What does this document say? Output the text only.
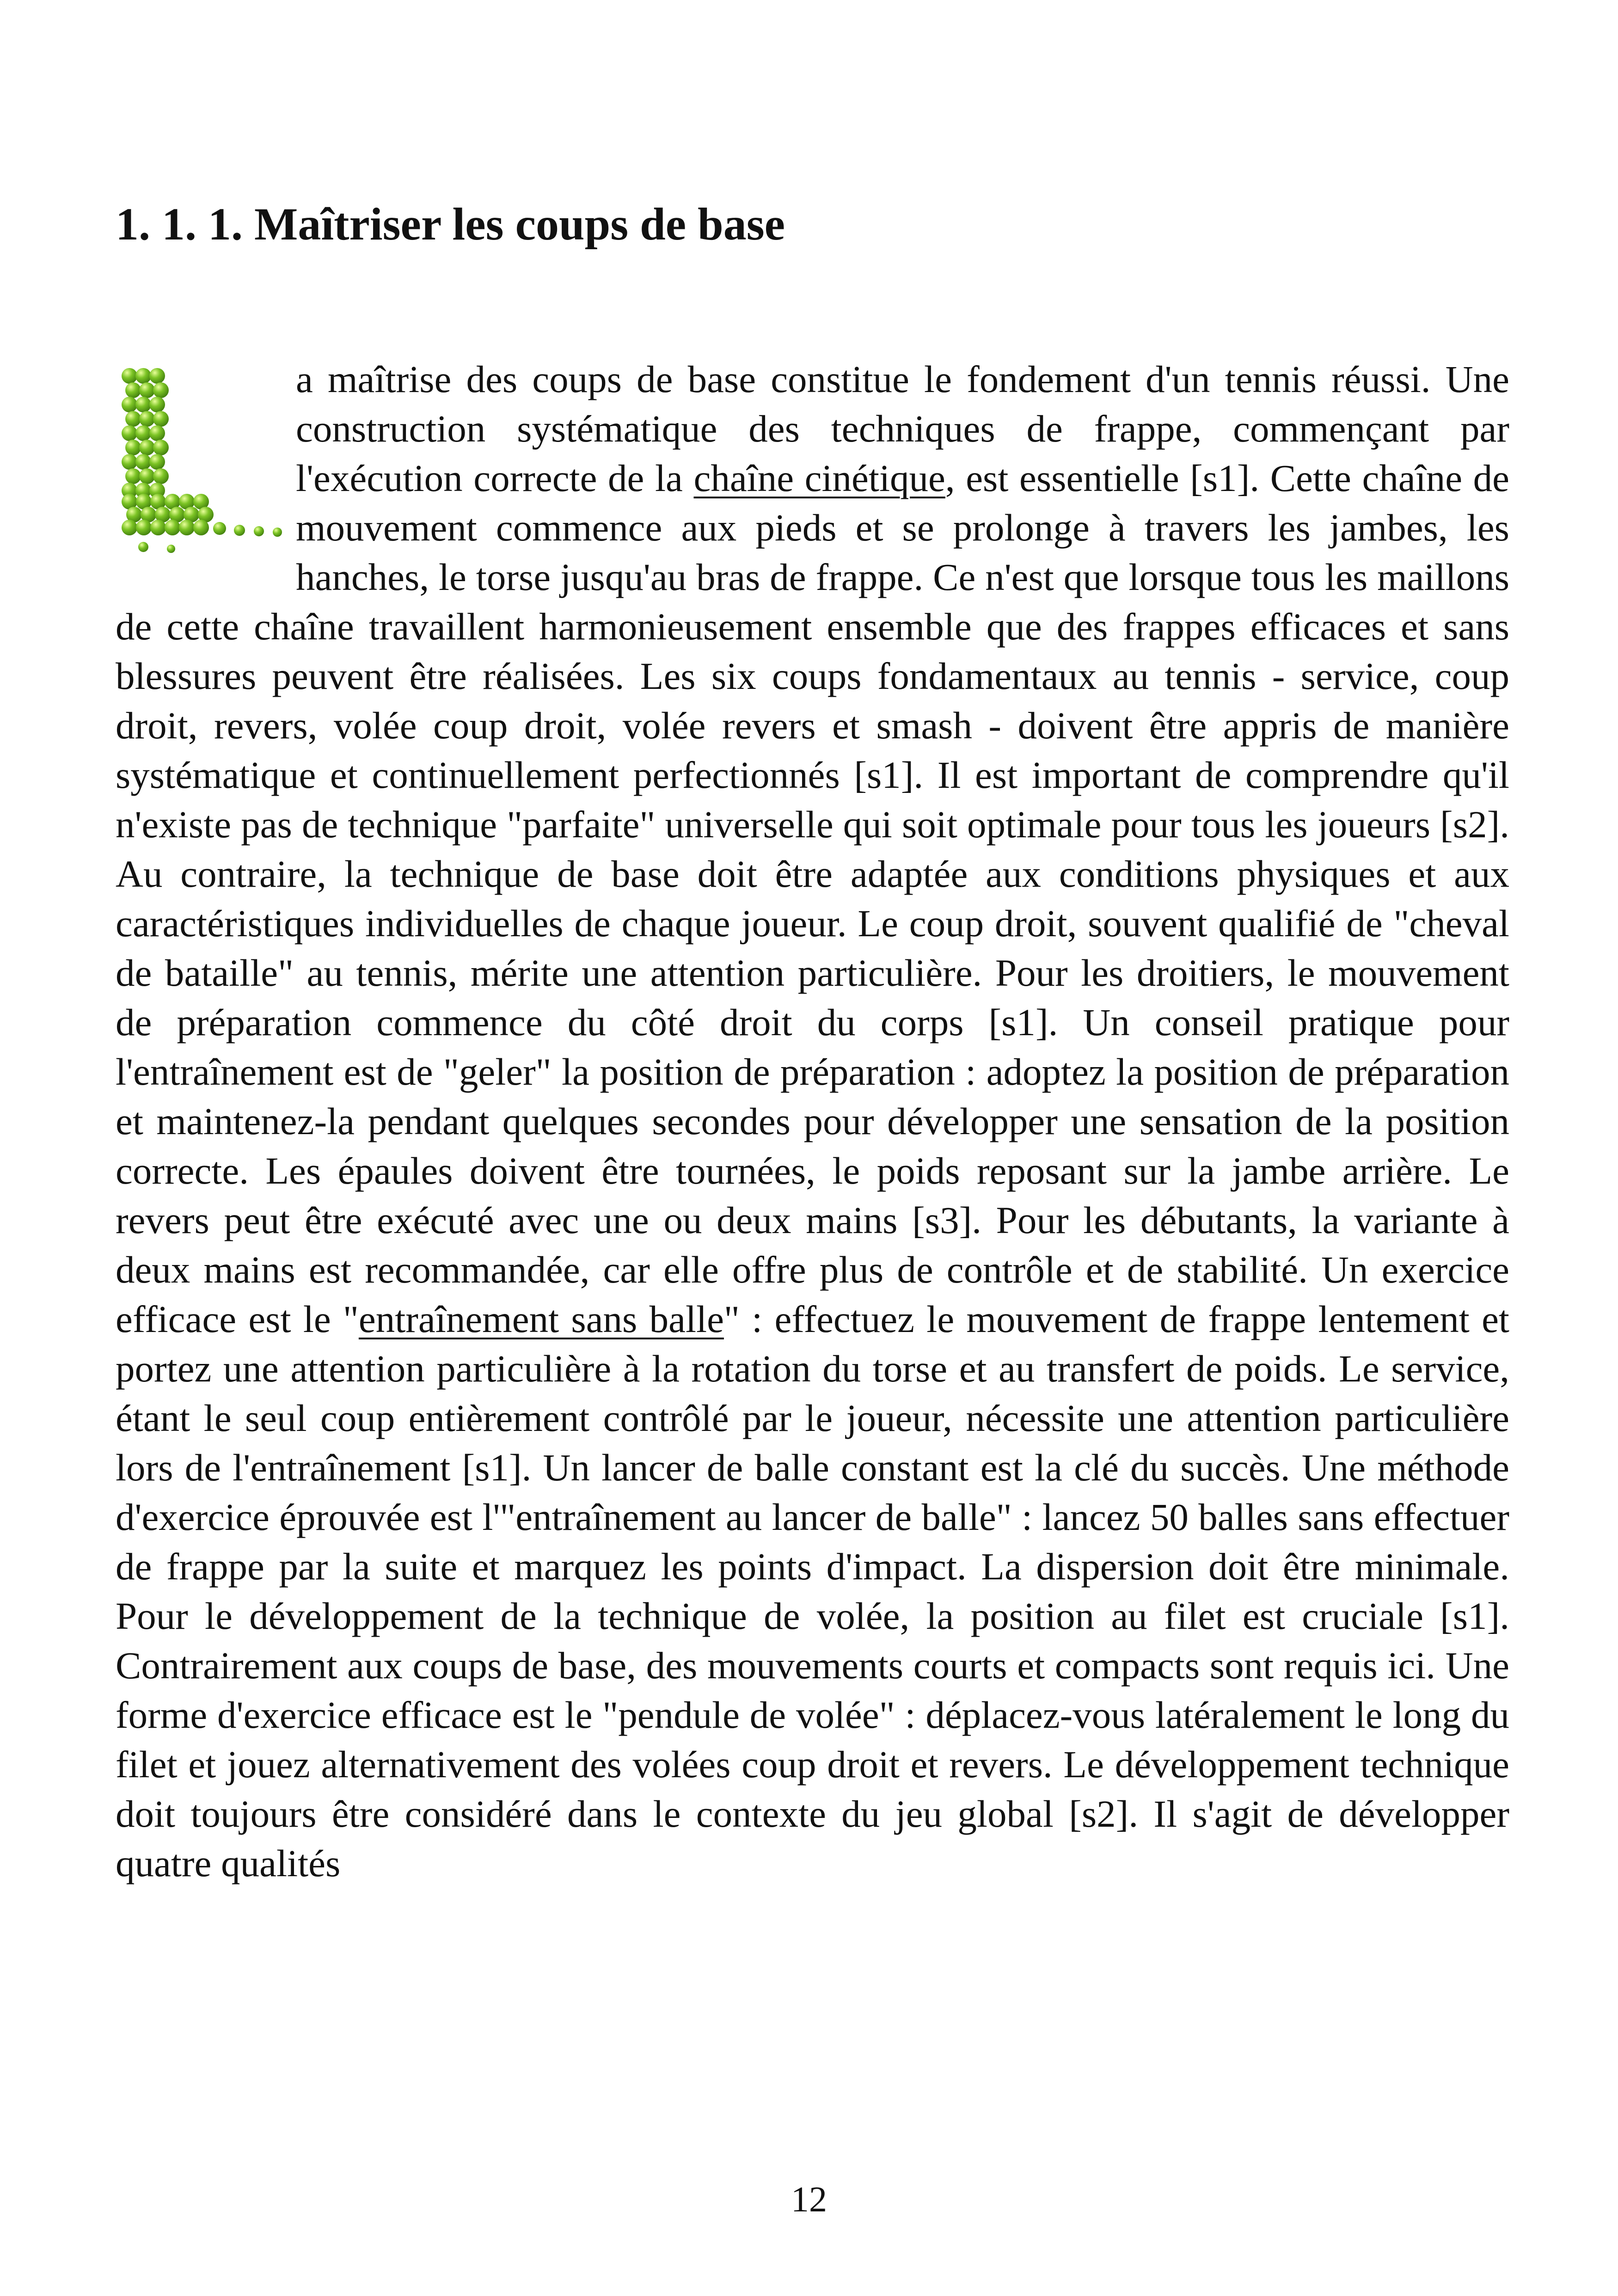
1. 1. 1. Maîtriser les coups de base

a maîtrise des coups de base constitue le fondement d'un tennis réussi. Une construction systématique des techniques de frappe, commençant par l'exécution correcte de la chaîne cinétique, est essentielle [s1]. Cette chaîne de mouvement commence aux pieds et se prolonge à travers les jambes, les hanches, le torse jusqu'au bras de frappe. Ce n'est que lorsque tous les maillons de cette chaîne travaillent harmonieusement ensemble que des frappes efficaces et sans blessures peuvent être réalisées. Les six coups fondamentaux au tennis - service, coup droit, revers, volée coup droit, volée revers et smash - doivent être appris de manière systématique et continuellement perfectionnés [s1]. Il est important de comprendre qu'il n'existe pas de technique "parfaite" universelle qui soit optimale pour tous les joueurs [s2]. Au contraire, la technique de base doit être adaptée aux conditions physiques et aux caractéristiques individuelles de chaque joueur. Le coup droit, souvent qualifié de "cheval de bataille" au tennis, mérite une attention particulière. Pour les droitiers, le mouvement de préparation commence du côté droit du corps [s1]. Un conseil pratique pour l'entraînement est de "geler" la position de préparation : adoptez la position de préparation et maintenez-la pendant quelques secondes pour développer une sensation de la position correcte. Les épaules doivent être tournées, le poids reposant sur la jambe arrière. Le revers peut être exécuté avec une ou deux mains [s3]. Pour les débutants, la variante à deux mains est recommandée, car elle offre plus de contrôle et de stabilité. Un exercice efficace est le "entraînement sans balle" : effectuez le mouvement de frappe lentement et portez une attention particulière à la rotation du torse et au transfert de poids. Le service, étant le seul coup entièrement contrôlé par le joueur, nécessite une attention particulière lors de l'entraînement [s1]. Un lancer de balle constant est la clé du succès. Une méthode d'exercice éprouvée est l'"entraînement au lancer de balle" : lancez 50 balles sans effectuer de frappe par la suite et marquez les points d'impact. La dispersion doit être minimale. Pour le développement de la technique de volée, la position au filet est cruciale [s1]. Contrairement aux coups de base, des mouvements courts et compacts sont requis ici. Une forme d'exercice efficace est le "pendule de volée" : déplacez-vous latéralement le long du filet et jouez alternativement des volées coup droit et revers. Le développement technique doit toujours être considéré dans le contexte du jeu global [s2]. Il s'agit de développer quatre qualités

12
